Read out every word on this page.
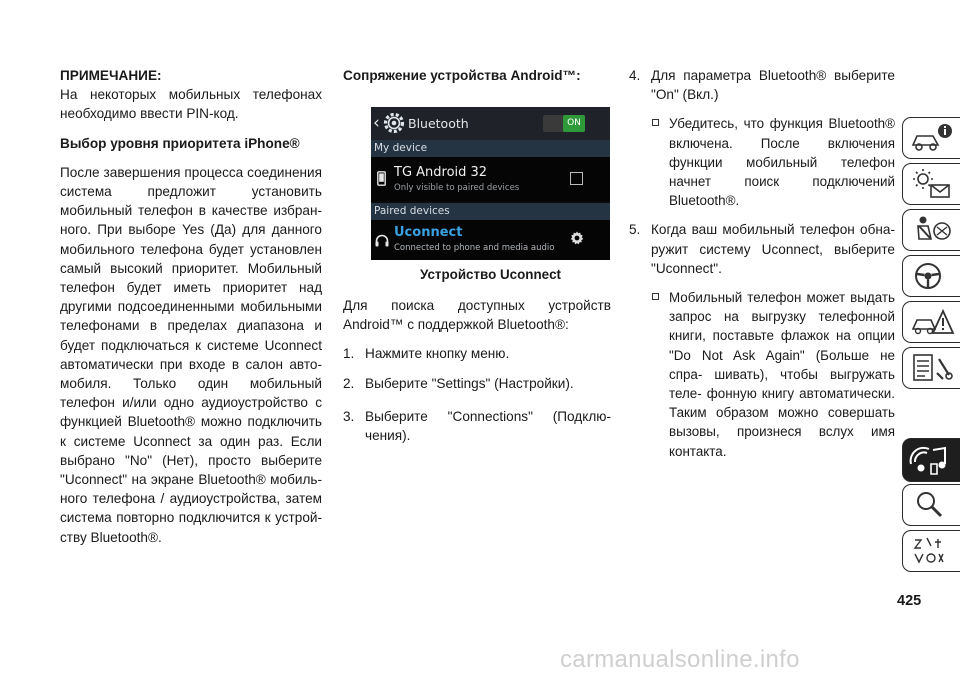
ПРИМЕЧАНИЕ:

На некоторых мобильных телефонах необходимо ввести PIN-код.

Выбор уровня приоритета iPhone®

После завершения процесса соединения система предложит установить мобильный телефон в качестве избран- ного. При выборе Yes (Да) для данного мобильного телефона будет установлен самый высокий приоритет. Мобильный телефон будет иметь приоритет над другими подсоединенными мобильными телефонами в пределах диапазона и будет подключаться к системе Uconnect автоматически при входе в салон авто- мобиля. Только один мобильный телефон и/или одно аудиоустройство с функцией Bluetooth® можно подключить к системе Uconnect за один раз. Если выбрано "No" (Нет), просто выберите "Uconnect" на экране Bluetooth® мобиль- ного телефона / аудиоустройства, затем система повторно подключится к устрой- ству Bluetooth®.

Сопряжение устройства Android™:

‹ Bluetooth	ON
My device
TG Android 32
Only visible to paired devices
Paired devices
Uconnect
Connected to phone and media audio
Устройство Uconnect

Для поиска доступных устройств Android™ с поддержкой Bluetooth®:

1. Нажмите кнопку меню.
2. Выберите "Settings" (Настройки).
3. Выберите "Connections" (Подклю- чения).
4. Для параметра Bluetooth® выберите "On" (Вкл.)
Убедитесь, что функция Bluetooth® включена. После включения функции мобильный телефон начнет поиск подключений Bluetooth®.
5. Когда ваш мобильный телефон обна- ружит систему Uconnect, выберите "Uconnect".
Мобильный телефон может выдать запрос на выгрузку телефонной книги, поставьте флажок на опции "Do Not Ask Again" (Больше не спра- шивать), чтобы выгружать теле- фонную книгу автоматически. Таким образом можно совершать вызовы, произнеся вслух имя контакта.
425
carmanualsonline.info
